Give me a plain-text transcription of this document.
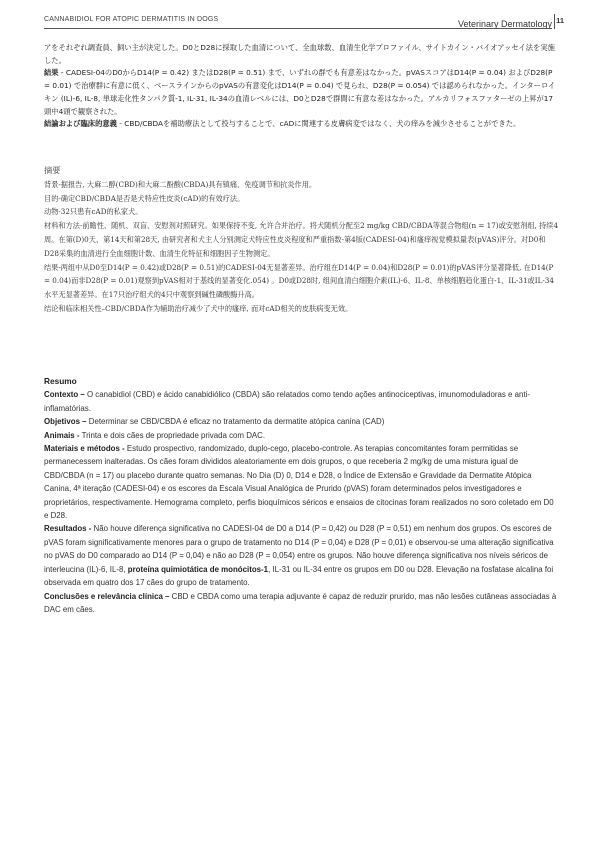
CANNABIDIOL FOR ATOPIC DERMATITIS IN DOGS	Veterinary Dermatology 11

アをそれぞれ調査員、飼い主が決定した。D0とD28に採取した血清について、全血球数、血清生化学プロファイル、サイトカイン・バイオアッセイ法を実施した。

結果 - CADESI-04のD0からD14(P = 0.42) またはD28(P = 0.51) まで、いずれの群でも有意差はなかった。pVASスコアはD14(P = 0.04) およびD28(P = 0.01) で治療群に有意に低く、ベースラインからのpVASの有意変化はD14(P = 0.04) で見られ、D28(P = 0.054) では認められなかった。インターロイキン (IL)-6, IL-8, 単球走化性タンパク質-1, IL-31, IL-34の血清レベルには、D0とD28で群間に有意な差はなかった。アルカリフォスファターゼの上昇が17頭中4頭で観察された。

結論および臨床的意義 - CBD/CBDAを補助療法として投与することで、cADに関連する皮膚病変ではなく、犬の痒みを減少させることができた。

摘要

背景-据报告, 大麻二醇(CBD)和大麻二酚酸(CBDA)具有镇痛、免疫调节和抗炎作用。

目的-确定CBD/CBDA是否是犬特应性皮炎(cAD)的有效疗法。

动物-32只患有cAD的私家犬。

材料和方法-前瞻性、随机、双盲、安慰剂对照研究。如果保持不变, 允许合并治疗。将犬随机分配至2 mg/kg CBD/CBDA等混合物组(n = 17)或安慰剂组, 持续4周。在第(D)0天、第14天和第28天, 由研究者和犬主人分别测定犬特应性皮炎程度和严重指数-第4版(CADESI-04)和瘙痒视觉模拟量表(pVAS)评分。对D0和D28采集的血清进行全血细胞计数、血清生化特征和细胞因子生物测定。

结果-两组中从D0至D14(P = 0.42)或D28(P = 0.51)的CADESI-04无显著差异。治疗组在D14(P = 0.04)和D28(P = 0.01)的pVAS评分显著降低, 在D14(P = 0.04)而非D28(P = 0.01)观察到pVAS相对于基线的显著变化.054) 。D0或D28时, 组间血清白细胞介素(IL)-6、IL-8、单核细胞趋化蛋白-1、IL-31或IL-34水平无显著差异。在17只治疗组犬的4只中观察到碱性磷酸酶升高。

结论和临床相关性–CBD/CBDA作为辅助治疗减少了犬中的瘙痒, 而对cAD相关的皮肤病变无效。

Resumo

Contexto – O canabidiol (CBD) e ácido canabidiólico (CBDA) são relatados como tendo ações antinociceptivas, imunomoduladoras e anti-inflamatórias.

Objetivos – Determinar se CBD/CBDA é eficaz no tratamento da dermatite atópica canina (CAD)

Animais - Trinta e dois cães de propriedade privada com DAC.

Materiais e métodos - Estudo prospectivo, randomizado, duplo-cego, placebo-controle. As terapias concomitantes foram permitidas se permanecessem inalteradas. Os cães foram divididos aleatoriamente em dois grupos, o que receberia 2 mg/kg de uma mistura igual de CBD/CBDA (n = 17) ou placebo durante quatro semanas. No Dia (D) 0, D14 e D28, o Índice de Extensão e Gravidade da Dermatite Atópica Canina, 4ª iteração (CADESI-04) e os escores da Escala Visual Analógica de Prurido (pVAS) foram determinados pelos investigadores e proprietários, respectivamente. Hemograma completo, perfis bioquímicos séricos e ensaios de citocinas foram realizados no soro coletado em D0 e D28.

Resultados - Não houve diferença significativa no CADESI-04 de D0 a D14 (P = 0,42) ou D28 (P = 0,51) em nenhum dos grupos. Os escores de pVAS foram significativamente menores para o grupo de tratamento no D14 (P = 0,04) e D28 (P = 0,01) e observou-se uma alteração significativa no pVAS do D0 comparado ao D14 (P = 0,04) e não ao D28 (P = 0,054) entre os grupos. Não houve diferença significativa nos níveis séricos de interleucina (IL)-6, IL-8, proteína quimiotática de monócitos-1, IL-31 ou IL-34 entre os grupos em D0 ou D28. Elevação na fosfatase alcalina foi observada em quatro dos 17 cães do grupo de tratamento.

Conclusões e relevância clínica – CBD e CBDA como uma terapia adjuvante é capaz de reduzir prurido, mas não lesões cutâneas associadas à DAC em cães.
